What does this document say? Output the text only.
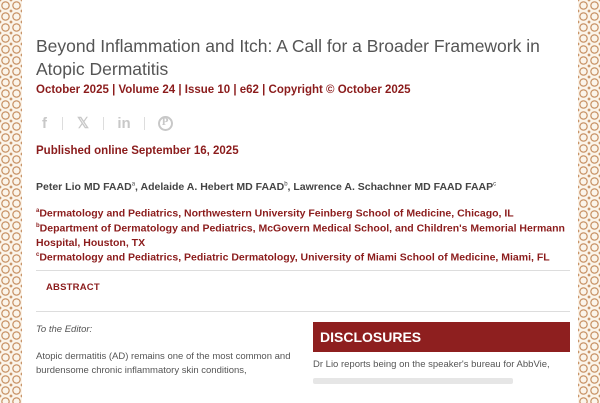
Beyond Inflammation and Itch: A Call for a Broader Framework in Atopic Dermatitis
October 2025 | Volume 24 | Issue 10 | e62 | Copyright © October 2025
f	𝕏	in	P
Published online September 16, 2025
Peter Lio MD FAAD$^a$, Adelaide A. Hebert MD FAAD$^b$, Lawrence A. Schachner MD FAAD FAAP$^c$
$^a$Dermatology and Pediatrics, Northwestern University Feinberg School of Medicine, Chicago, IL
$^b$Department of Dermatology and Pediatrics, McGovern Medical School, and Children's Memorial Hermann Hospital, Houston, TX
$^c$Dermatology and Pediatrics, Pediatric Dermatology, University of Miami School of Medicine, Miami, FL
ABSTRACT
To the Editor:
Atopic dermatitis (AD) remains one of the most common and burdensome chronic inflammatory skin conditions,
DISCLOSURES
Dr Lio reports being on the speaker's bureau for AbbVie,
